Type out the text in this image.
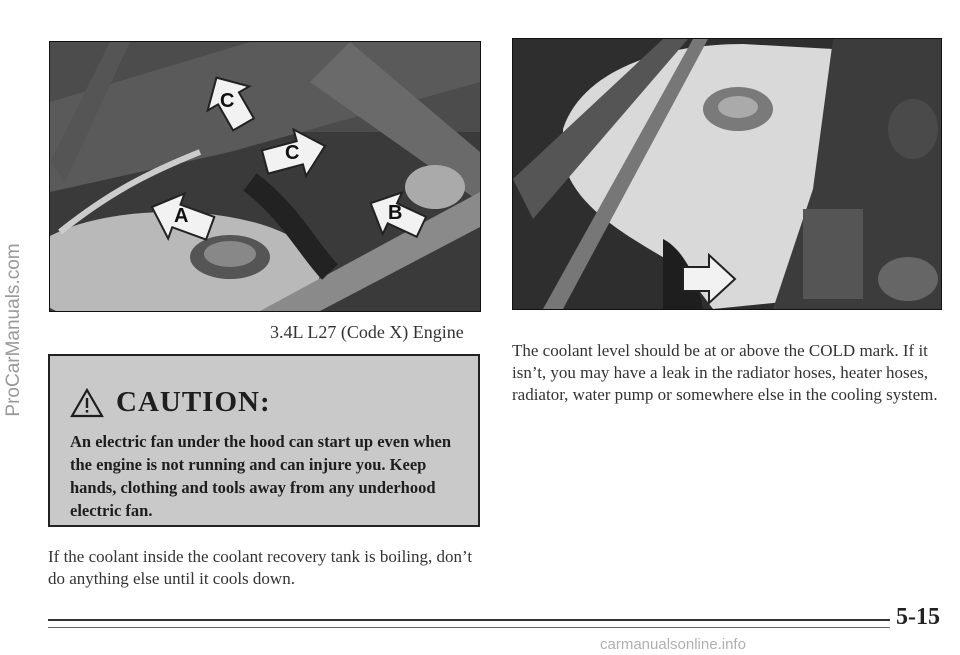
ProCarManuals.com
C
C
A	B
3.4L L27 (Code X) Engine
CAUTION:
An electric fan under the hood can start up even when the engine is not running and can injure you. Keep hands, clothing and tools away from any underhood electric fan.
If the coolant inside the coolant recovery tank is boiling, don’t do anything else until it cools down.
The coolant level should be at or above the COLD mark. If it isn’t, you may have a leak in the radiator hoses, heater hoses, radiator, water pump or somewhere else in the cooling system.
5-15
carmanualsonline.info
